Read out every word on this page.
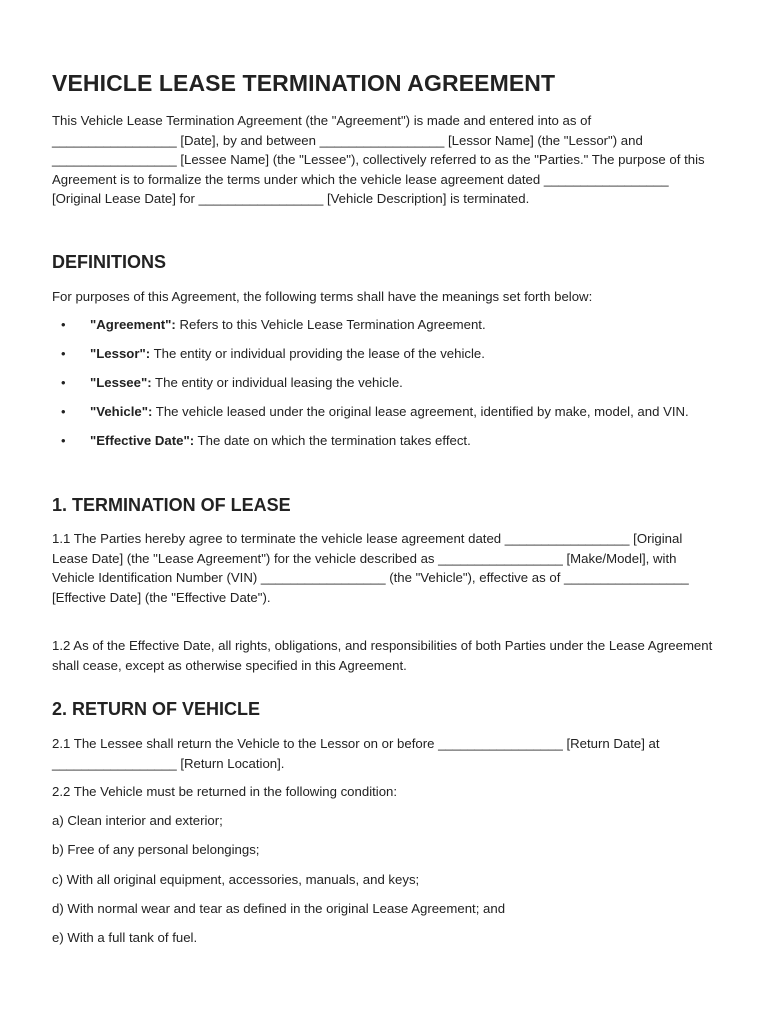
VEHICLE LEASE TERMINATION AGREEMENT

This Vehicle Lease Termination Agreement (the "Agreement") is made and entered into as of _________________ [Date], by and between _________________ [Lessor Name] (the "Lessor") and _________________ [Lessee Name] (the "Lessee"), collectively referred to as the "Parties." The purpose of this Agreement is to formalize the terms under which the vehicle lease agreement dated _________________ [Original Lease Date] for _________________ [Vehicle Description] is terminated.

DEFINITIONS

For purposes of this Agreement, the following terms shall have the meanings set forth below:

• "Agreement": Refers to this Vehicle Lease Termination Agreement.
• "Lessor": The entity or individual providing the lease of the vehicle.
• "Lessee": The entity or individual leasing the vehicle.
• "Vehicle": The vehicle leased under the original lease agreement, identified by make, model, and VIN.
• "Effective Date": The date on which the termination takes effect.
1. TERMINATION OF LEASE

1.1 The Parties hereby agree to terminate the vehicle lease agreement dated _________________ [Original Lease Date] (the "Lease Agreement") for the vehicle described as _________________ [Make/Model], with Vehicle Identification Number (VIN) _________________ (the "Vehicle"), effective as of _________________ [Effective Date] (the "Effective Date").

1.2 As of the Effective Date, all rights, obligations, and responsibilities of both Parties under the Lease Agreement shall cease, except as otherwise specified in this Agreement.

2. RETURN OF VEHICLE

2.1 The Lessee shall return the Vehicle to the Lessor on or before _________________ [Return Date] at _________________ [Return Location].

2.2 The Vehicle must be returned in the following condition:

a) Clean interior and exterior;

b) Free of any personal belongings;

c) With all original equipment, accessories, manuals, and keys;

d) With normal wear and tear as defined in the original Lease Agreement; and

e) With a full tank of fuel.
